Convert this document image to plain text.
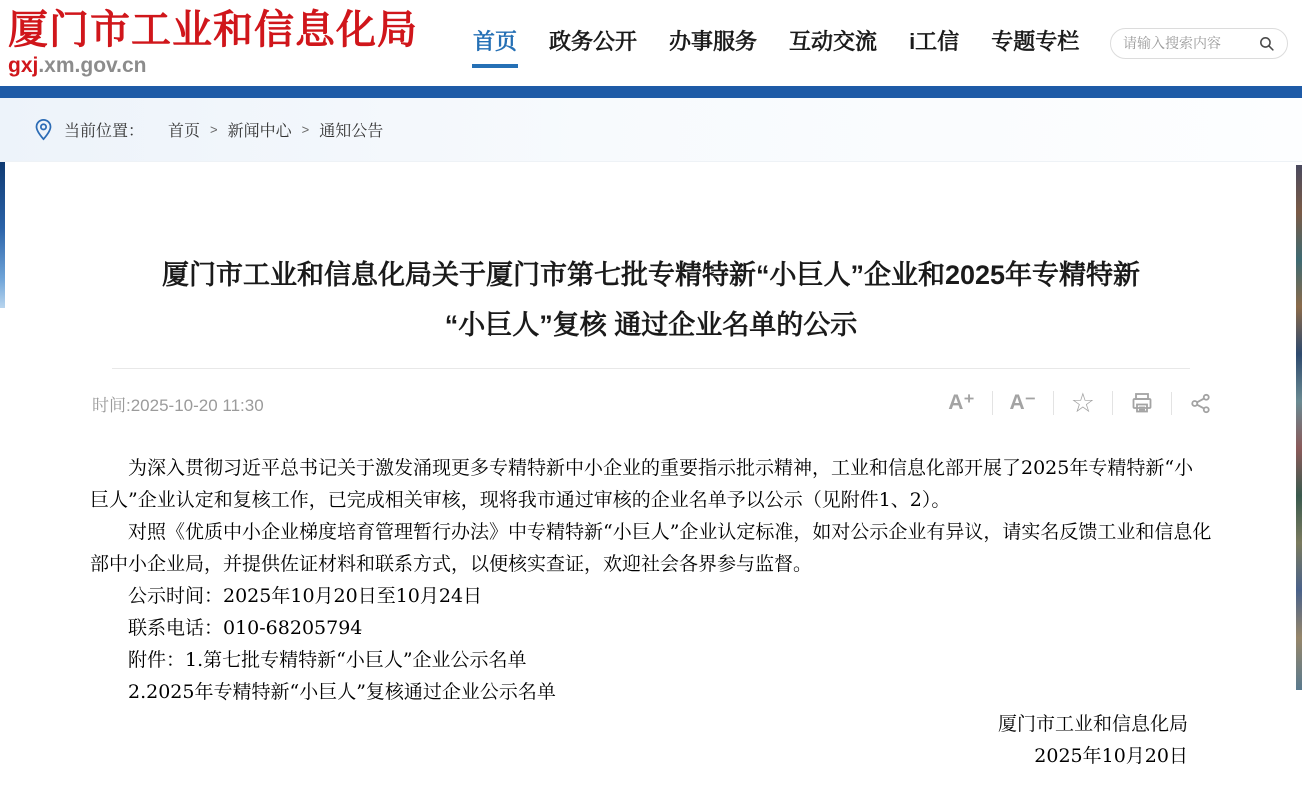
厦门市工业和信息化局
gxj.xm.gov.cn
首页 政务公开 办事服务 互动交流 i工信 专题专栏
请输入搜索内容
当前位置： 首页 > 新闻中心 > 通知公告
厦门市工业和信息化局关于厦门市第七批专精特新“小巨人”企业和2025年专精特新
“小巨人”复核 通过企业名单的公示
时间:2025-10-20 11:30	A⁺	A⁻	☆

为深入贯彻习近平总书记关于激发涌现更多专精特新中小企业的重要指示批示精神，工业和信息化部开展了2025年专精特新“小巨人”企业认定和复核工作，已完成相关审核，现将我市通过审核的企业名单予以公示（见附件1、2）。

对照《优质中小企业梯度培育管理暂行办法》中专精特新“小巨人”企业认定标准，如对公示企业有异议，请实名反馈工业和信息化部中小企业局，并提供佐证材料和联系方式，以便核实查证，欢迎社会各界参与监督。

公示时间：2025年10月20日至10月24日

联系电话：010-68205794

附件：1.第七批专精特新“小巨人”企业公示名单

2.2025年专精特新“小巨人”复核通过企业公示名单

厦门市工业和信息化局

2025年10月20日
